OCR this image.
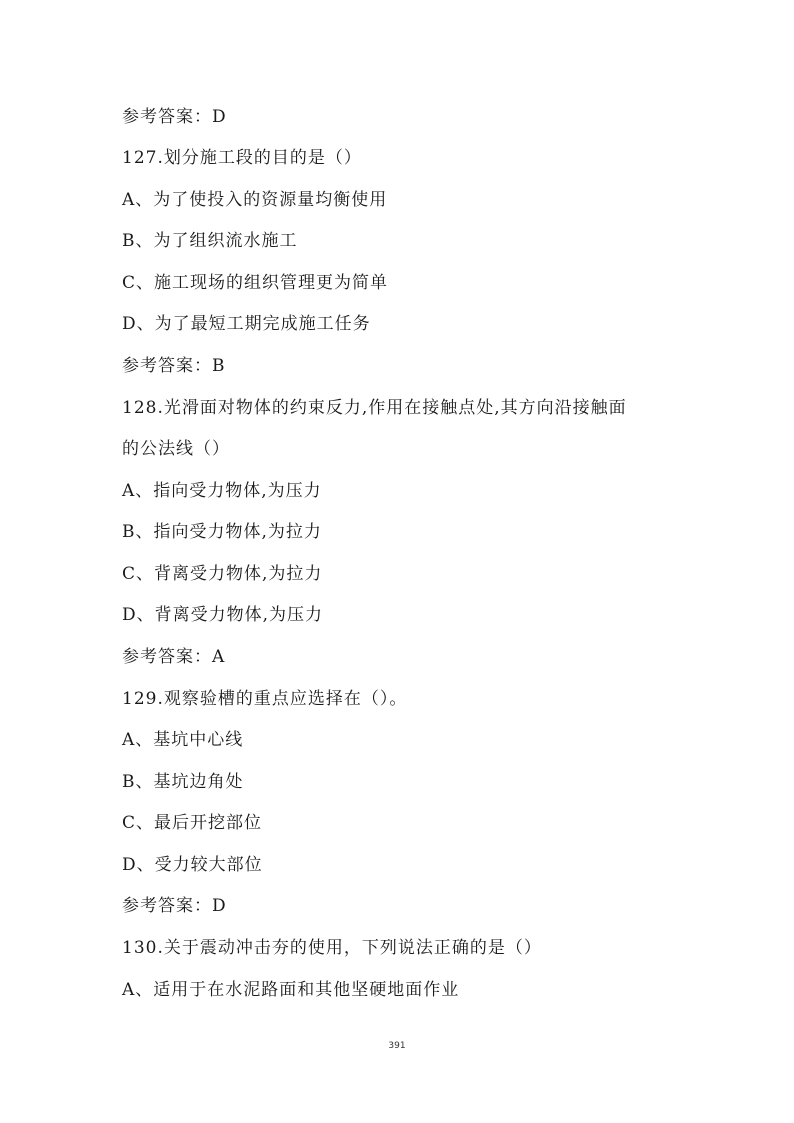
参考答案：D
127.划分施工段的目的是（）
A、为了使投入的资源量均衡使用
B、为了组织流水施工
C、施工现场的组织管理更为简单
D、为了最短工期完成施工任务
参考答案：B
128.光滑面对物体的约束反力,作用在接触点处,其方向沿接触面
的公法线（）
A、指向受力物体,为压力
B、指向受力物体,为拉力
C、背离受力物体,为拉力
D、背离受力物体,为压力
参考答案：A
129.观察验槽的重点应选择在（）。
A、基坑中心线
B、基坑边角处
C、最后开挖部位
D、受力较大部位
参考答案：D
130.关于震动冲击夯的使用，下列说法正确的是（）
A、适用于在水泥路面和其他坚硬地面作业
391
